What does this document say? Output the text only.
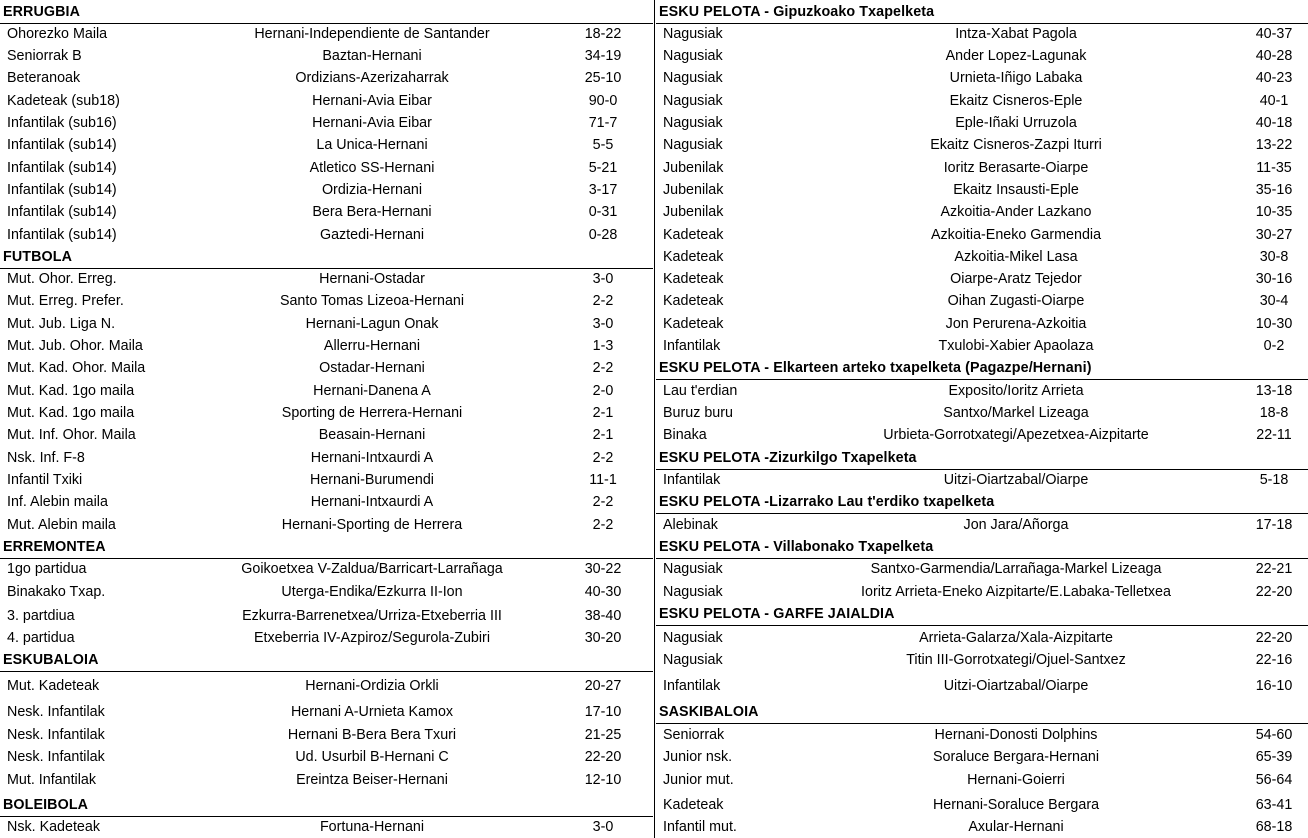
ERRUGBIA
Ohorezko Maila	Hernani-Independiente de Santander	18-22
Seniorrak B	Baztan-Hernani	34-19
Beteranoak	Ordizians-Azerizaharrak	25-10
Kadeteak (sub18)	Hernani-Avia Eibar	90-0
Infantilak (sub16)	Hernani-Avia Eibar	71-7
Infantilak (sub14)	La Unica-Hernani	5-5
Infantilak (sub14)	Atletico SS-Hernani	5-21
Infantilak (sub14)	Ordizia-Hernani	3-17
Infantilak (sub14)	Bera Bera-Hernani	0-31
Infantilak (sub14)	Gaztedi-Hernani	0-28
FUTBOLA
Mut. Ohor. Erreg.	Hernani-Ostadar	3-0
Mut. Erreg. Prefer.	Santo Tomas Lizeoa-Hernani	2-2
Mut. Jub. Liga N.	Hernani-Lagun Onak	3-0
Mut. Jub. Ohor. Maila	Allerru-Hernani	1-3
Mut. Kad. Ohor. Maila	Ostadar-Hernani	2-2
Mut. Kad. 1go maila	Hernani-Danena A	2-0
Mut. Kad. 1go maila	Sporting de Herrera-Hernani	2-1
Mut. Inf. Ohor. Maila	Beasain-Hernani	2-1
Nsk. Inf. F-8	Hernani-Intxaurdi A	2-2
Infantil Txiki	Hernani-Burumendi	11-1
Inf. Alebin maila	Hernani-Intxaurdi A	2-2
Mut. Alebin maila	Hernani-Sporting de Herrera	2-2
ERREMONTEA
1go partidua	Goikoetxea V-Zaldua/Barricart-Larrañaga	30-22
Binakako Txap.	Uterga-Endika/Ezkurra II-Ion	40-30
3. partdiua	Ezkurra-Barrenetxea/Urriza-Etxeberria III	38-40
4. partidua	Etxeberria IV-Azpiroz/Segurola-Zubiri	30-20
ESKUBALOIA
Mut. Kadeteak	Hernani-Ordizia Orkli	20-27
Nesk. Infantilak	Hernani A-Urnieta Kamox	17-10
Nesk. Infantilak	Hernani B-Bera Bera Txuri	21-25
Nesk. Infantilak	Ud. Usurbil B-Hernani C	22-20
Mut. Infantilak	Ereintza Beiser-Hernani	12-10
BOLEIBOLA
Nsk. Kadeteak	Fortuna-Hernani	3-0
ESKU PELOTA - Gipuzkoako Txapelketa
Nagusiak	Intza-Xabat Pagola	40-37
Nagusiak	Ander Lopez-Lagunak	40-28
Nagusiak	Urnieta-Iñigo Labaka	40-23
Nagusiak	Ekaitz Cisneros-Eple	40-1
Nagusiak	Eple-Iñaki Urruzola	40-18
Nagusiak	Ekaitz Cisneros-Zazpi Iturri	13-22
Jubenilak	Ioritz Berasarte-Oiarpe	11-35
Jubenilak	Ekaitz Insausti-Eple	35-16
Jubenilak	Azkoitia-Ander Lazkano	10-35
Kadeteak	Azkoitia-Eneko Garmendia	30-27
Kadeteak	Azkoitia-Mikel Lasa	30-8
Kadeteak	Oiarpe-Aratz Tejedor	30-16
Kadeteak	Oihan Zugasti-Oiarpe	30-4
Kadeteak	Jon Perurena-Azkoitia	10-30
Infantilak	Txulobi-Xabier Apaolaza	0-2
ESKU PELOTA - Elkarteen arteko txapelketa (Pagazpe/Hernani)
Lau t'erdian	Exposito/Ioritz Arrieta	13-18
Buruz buru	Santxo/Markel Lizeaga	18-8
Binaka	Urbieta-Gorrotxategi/Apezetxea-Aizpitarte	22-11
ESKU PELOTA -Zizurkilgo Txapelketa
Infantilak	Uitzi-Oiartzabal/Oiarpe	5-18
ESKU PELOTA -Lizarrako Lau t'erdiko txapelketa
Alebinak	Jon Jara/Añorga	17-18
ESKU PELOTA - Villabonako Txapelketa
Nagusiak	Santxo-Garmendia/Larrañaga-Markel Lizeaga	22-21
Nagusiak	Ioritz Arrieta-Eneko Aizpitarte/E.Labaka-Telletxea	22-20
ESKU PELOTA - GARFE JAIALDIA
Nagusiak	Arrieta-Galarza/Xala-Aizpitarte	22-20
Nagusiak	Titin III-Gorrotxategi/Ojuel-Santxez	22-16
Infantilak	Uitzi-Oiartzabal/Oiarpe	16-10
SASKIBALOIA
Seniorrak	Hernani-Donosti Dolphins	54-60
Junior nsk.	Soraluce Bergara-Hernani	65-39
Junior mut.	Hernani-Goierri	56-64
Kadeteak	Hernani-Soraluce Bergara	63-41
Infantil mut.	Axular-Hernani	68-18
